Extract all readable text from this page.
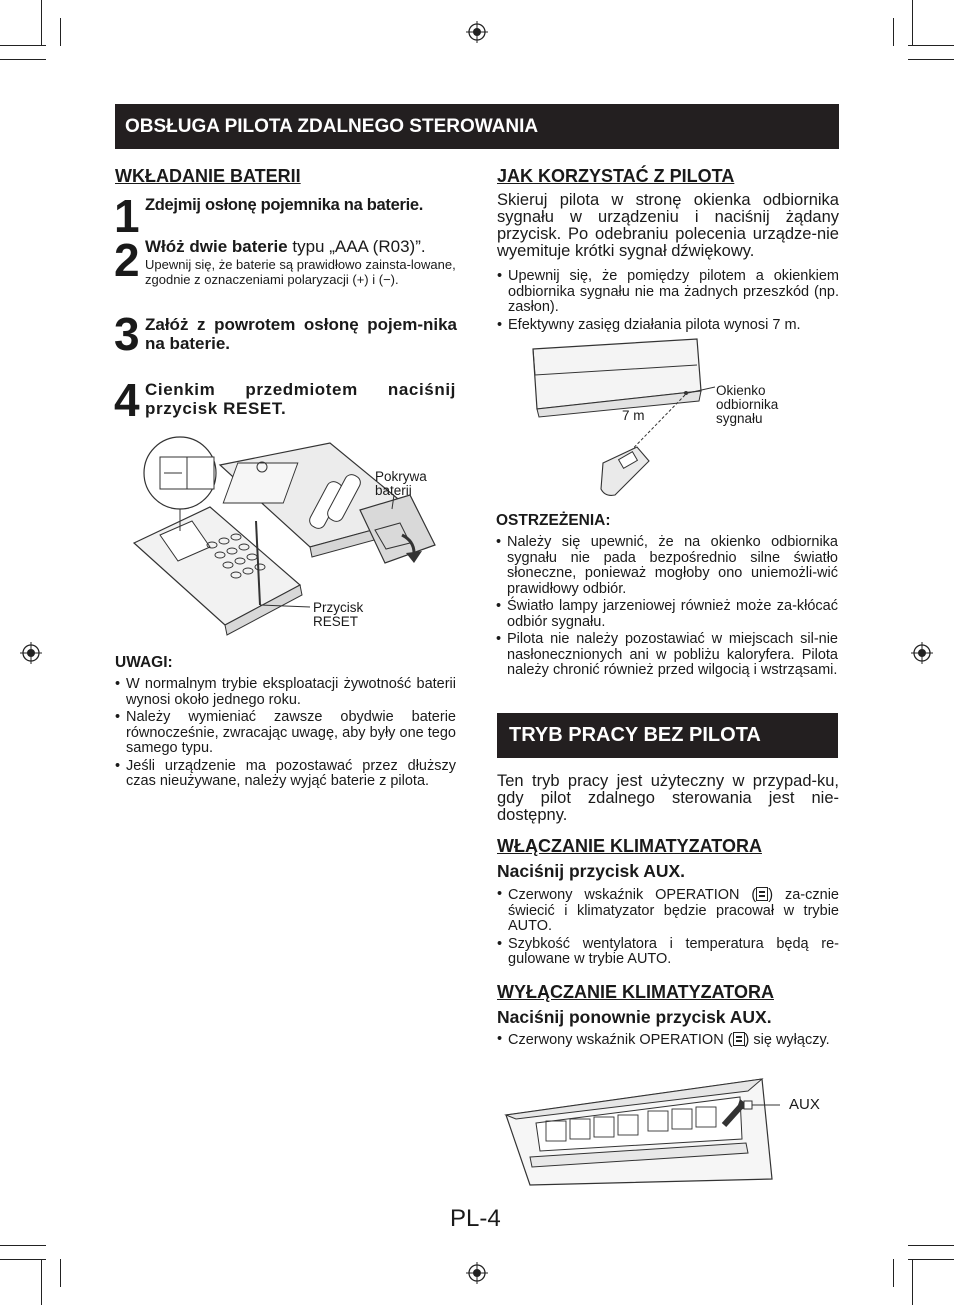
OBSŁUGA PILOTA ZDALNEGO STEROWANIA
WKŁADANIE BATERII
1 Zdejmij osłonę pojemnika na baterie.
2 Włóż dwie baterie typu „AAA (R03)”.
Upewnij się, że baterie są prawidłowo zainsta-lowane, zgodnie z oznaczeniami polaryzacji (+) i (−).
3 Załóż z powrotem osłonę pojem-nika na baterie.
4 Cienkim przedmiotem naciśnij przycisk RESET.
Pokrywa baterii
Przycisk RESET
UWAGI:
• W normalnym trybie eksploatacji żywotność baterii wynosi około jednego roku.
• Należy wymieniać zawsze obydwie baterie równocześnie, zwracając uwagę, aby były one tego samego typu.
• Jeśli urządzenie ma pozostawać przez dłuższy czas nieużywane, należy wyjąć baterie z pilota.
JAK KORZYSTAĆ Z PILOTA
Skieruj pilota w stronę okienka odbiornika sygnału w urządzeniu i naciśnij żądany przycisk. Po odebraniu polecenia urządze-nie wyemituje krótki sygnał dźwiękowy.
• Upewnij się, że pomiędzy pilotem a okienkiem odbiornika sygnału nie ma żadnych przeszkód (np. zasłon).
• Efektywny zasięg działania pilota wynosi 7 m.
7 m
Okienko odbiornika sygnału
OSTRZEŻENIA:
• Należy się upewnić, że na okienko odbiornika sygnału nie pada bezpośrednio silne światło słoneczne, ponieważ mogłoby ono uniemożli-wić prawidłowy odbiór.
• Światło lampy jarzeniowej również może za-kłócać odbiór sygnału.
• Pilota nie należy pozostawiać w miejscach sil-nie nasłonecznionych ani w pobliżu kaloryfera. Pilota należy chronić również przed wilgocią i wstrząsami.
TRYB PRACY BEZ PILOTA
Ten tryb pracy jest użyteczny w przypad-ku, gdy pilot zdalnego sterowania jest nie-dostępny.
WŁĄCZANIE KLIMATYZATORA
Naciśnij przycisk AUX.
• Czerwony wskaźnik OPERATION ( ) za-cznie świecić i klimatyzator będzie pracował w trybie AUTO.
• Szybkość wentylatora i temperatura będą re-gulowane w trybie AUTO.
WYŁĄCZANIE KLIMATYZATORA
Naciśnij ponownie przycisk AUX.
• Czerwony wskaźnik OPERATION ( ) się wyłączy.
AUX
PL-4
